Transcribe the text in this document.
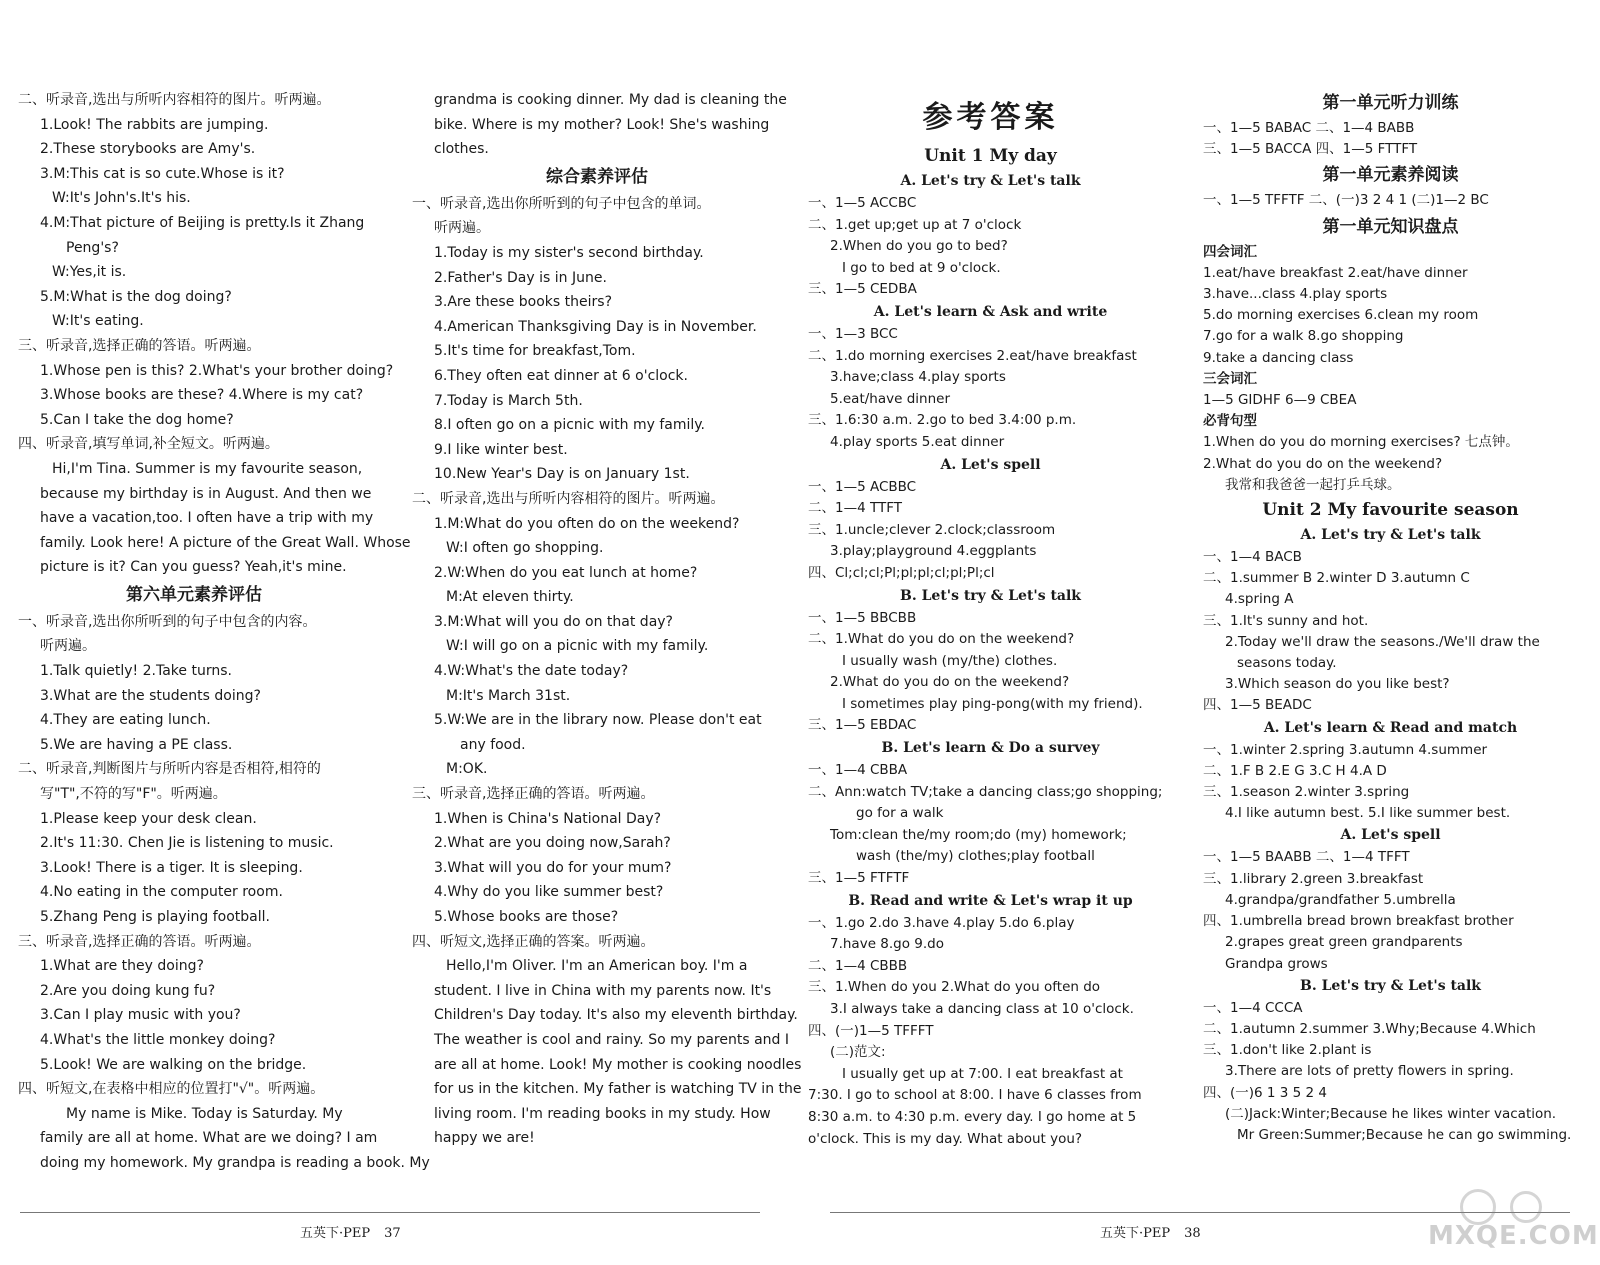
二、听录音,选出与所听内容相符的图片。听两遍。
1.Look! The rabbits are jumping.
2.These storybooks are Amy's.
3.M:This cat is so cute.Whose is it?
W:It's John's.It's his.
4.M:That picture of Beijing is pretty.Is it Zhang
Peng's?
W:Yes,it is.
5.M:What is the dog doing?
W:It's eating.
三、听录音,选择正确的答语。听两遍。
1.Whose pen is this? 2.What's your brother doing?
3.Whose books are these? 4.Where is my cat?
5.Can I take the dog home?
四、听录音,填写单词,补全短文。听两遍。
Hi,I'm Tina. Summer is my favourite season,
because my birthday is in August. And then we
have a vacation,too. I often have a trip with my
family. Look here! A picture of the Great Wall. Whose
picture is it? Can you guess? Yeah,it's mine.
第六单元素养评估
一、听录音,选出你所听到的句子中包含的内容。
听两遍。
1.Talk quietly! 2.Take turns.
3.What are the students doing?
4.They are eating lunch.
5.We are having a PE class.
二、听录音,判断图片与所听内容是否相符,相符的
写"T",不符的写"F"。听两遍。
1.Please keep your desk clean.
2.It's 11:30. Chen Jie is listening to music.
3.Look! There is a tiger. It is sleeping.
4.No eating in the computer room.
5.Zhang Peng is playing football.
三、听录音,选择正确的答语。听两遍。
1.What are they doing?
2.Are you doing kung fu?
3.Can I play music with you?
4.What's the little monkey doing?
5.Look! We are walking on the bridge.
四、听短文,在表格中相应的位置打"√"。听两遍。
My name is Mike. Today is Saturday. My
family are all at home. What are we doing? I am
doing my homework. My grandpa is reading a book. My
grandma is cooking dinner. My dad is cleaning the
bike. Where is my mother? Look! She's washing
clothes.
综合素养评估
一、听录音,选出你所听到的句子中包含的单词。
听两遍。
1.Today is my sister's second birthday.
2.Father's Day is in June.
3.Are these books theirs?
4.American Thanksgiving Day is in November.
5.It's time for breakfast,Tom.
6.They often eat dinner at 6 o'clock.
7.Today is March 5th.
8.I often go on a picnic with my family.
9.I like winter best.
10.New Year's Day is on January 1st.
二、听录音,选出与所听内容相符的图片。听两遍。
1.M:What do you often do on the weekend?
W:I often go shopping.
2.W:When do you eat lunch at home?
M:At eleven thirty.
3.M:What will you do on that day?
W:I will go on a picnic with my family.
4.W:What's the date today?
M:It's March 31st.
5.W:We are in the library now. Please don't eat
any food.
M:OK.
三、听录音,选择正确的答语。听两遍。
1.When is China's National Day?
2.What are you doing now,Sarah?
3.What will you do for your mum?
4.Why do you like summer best?
5.Whose books are those?
四、听短文,选择正确的答案。听两遍。
Hello,I'm Oliver. I'm an American boy. I'm a
student. I live in China with my parents now. It's
Children's Day today. It's also my eleventh birthday.
The weather is cool and rainy. So my parents and I
are all at home. Look! My mother is cooking noodles
for us in the kitchen. My father is watching TV in the
living room. I'm reading books in my study. How
happy we are!
参考答案
Unit 1 My day
A. Let's try & Let's talk
一、1—5 ACCBC
二、1.get up;get up at 7 o'clock
2.When do you go to bed?
I go to bed at 9 o'clock.
三、1—5 CEDBA
A. Let's learn & Ask and write
一、1—3 BCC
二、1.do morning exercises 2.eat/have breakfast
3.have;class 4.play sports
5.eat/have dinner
三、1.6:30 a.m. 2.go to bed 3.4:00 p.m.
4.play sports 5.eat dinner
A. Let's spell
一、1—5 ACBBC
二、1—4 TTFT
三、1.uncle;clever 2.clock;classroom
3.play;playground 4.eggplants
四、Cl;cl;cl;Pl;pl;pl;cl;pl;Pl;cl
B. Let's try & Let's talk
一、1—5 BBCBB
二、1.What do you do on the weekend?
I usually wash (my/the) clothes.
2.What do you do on the weekend?
I sometimes play ping-pong(with my friend).
三、1—5 EBDAC
B. Let's learn & Do a survey
一、1—4 CBBA
二、Ann:watch TV;take a dancing class;go shopping;
go for a walk
Tom:clean the/my room;do (my) homework;
wash (the/my) clothes;play football
三、1—5 FTFTF
B. Read and write & Let's wrap it up
一、1.go 2.do 3.have 4.play 5.do 6.play
7.have 8.go 9.do
二、1—4 CBBB
三、1.When do you 2.What do you often do
3.I always take a dancing class at 10 o'clock.
四、(一)1—5 TFFFT
(二)范文:
I usually get up at 7:00. I eat breakfast at
7:30. I go to school at 8:00. I have 6 classes from
8:30 a.m. to 4:30 p.m. every day. I go home at 5
o'clock. This is my day. What about you?
第一单元听力训练
一、1—5 BABAC 二、1—4 BABB
三、1—5 BACCA 四、1—5 FTTFT
第一单元素养阅读
一、1—5 TFFTF 二、(一)3 2 4 1 (二)1—2 BC
第一单元知识盘点
四会词汇
1.eat/have breakfast 2.eat/have dinner
3.have...class 4.play sports
5.do morning exercises 6.clean my room
7.go for a walk 8.go shopping
9.take a dancing class
三会词汇
1—5 GIDHF 6—9 CBEA
必背句型
1.When do you do morning exercises? 七点钟。
2.What do you do on the weekend?
我常和我爸爸一起打乒乓球。
Unit 2 My favourite season
A. Let's try & Let's talk
一、1—4 BACB
二、1.summer B 2.winter D 3.autumn C
4.spring A
三、1.It's sunny and hot.
2.Today we'll draw the seasons./We'll draw the
seasons today.
3.Which season do you like best?
四、1—5 BEADC
A. Let's learn & Read and match
一、1.winter 2.spring 3.autumn 4.summer
二、1.F B 2.E G 3.C H 4.A D
三、1.season 2.winter 3.spring
4.I like autumn best. 5.I like summer best.
A. Let's spell
一、1—5 BAABB 二、1—4 TFFT
三、1.library 2.green 3.breakfast
4.grandpa/grandfather 5.umbrella
四、1.umbrella bread brown breakfast brother
2.grapes great green grandparents
Grandpa grows
B. Let's try & Let's talk
一、1—4 CCCA
二、1.autumn 2.summer 3.Why;Because 4.Which
三、1.don't like 2.plant is
3.There are lots of pretty flowers in spring.
四、(一)6 1 3 5 2 4
(二)Jack:Winter;Because he likes winter vacation.
Mr Green:Summer;Because he can go swimming.
五英下·PEP 37	五英下·PEP 38	MXQE.COM
